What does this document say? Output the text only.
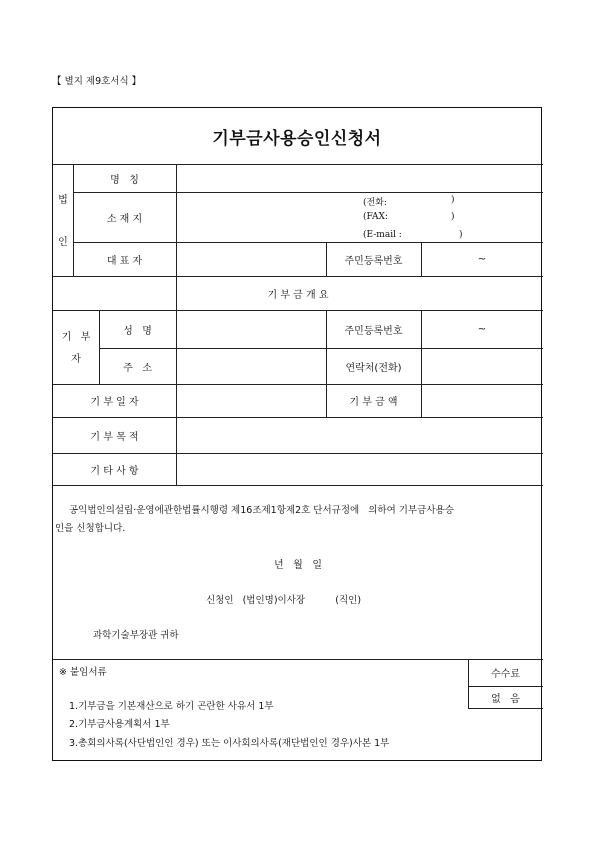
【 별지 제9호서식 】
기부금사용승인신청서
법
인
명   칭
소 재 지
(전화:	)
(FAX:	)
(E-mail :	)
대 표 자	주민등록번호	~
기 부 금 개 요
기   부
자
성   명	주민등록번호	~
주   소	연락처(전화)
기 부 일 자	기 부 금 액
기 부 목 적
기 타 사 항
공익법인의설립·운영에관한법률시행령 제16조제1항제2호 단서규정에   의하여 기부금사용승
인을 신청합니다.
년   월   일
신청인   (법인명)이사장          (직인)
과학기술부장관 귀하
※ 붙임서류
1.기부금을 기본재산으로 하기 곤란한 사유서 1부
2.기부금사용계획서 1부
3.총회의사록(사단법인인 경우) 또는 이사회의사록(재단법인인 경우)사본 1부
수수료
없   음
